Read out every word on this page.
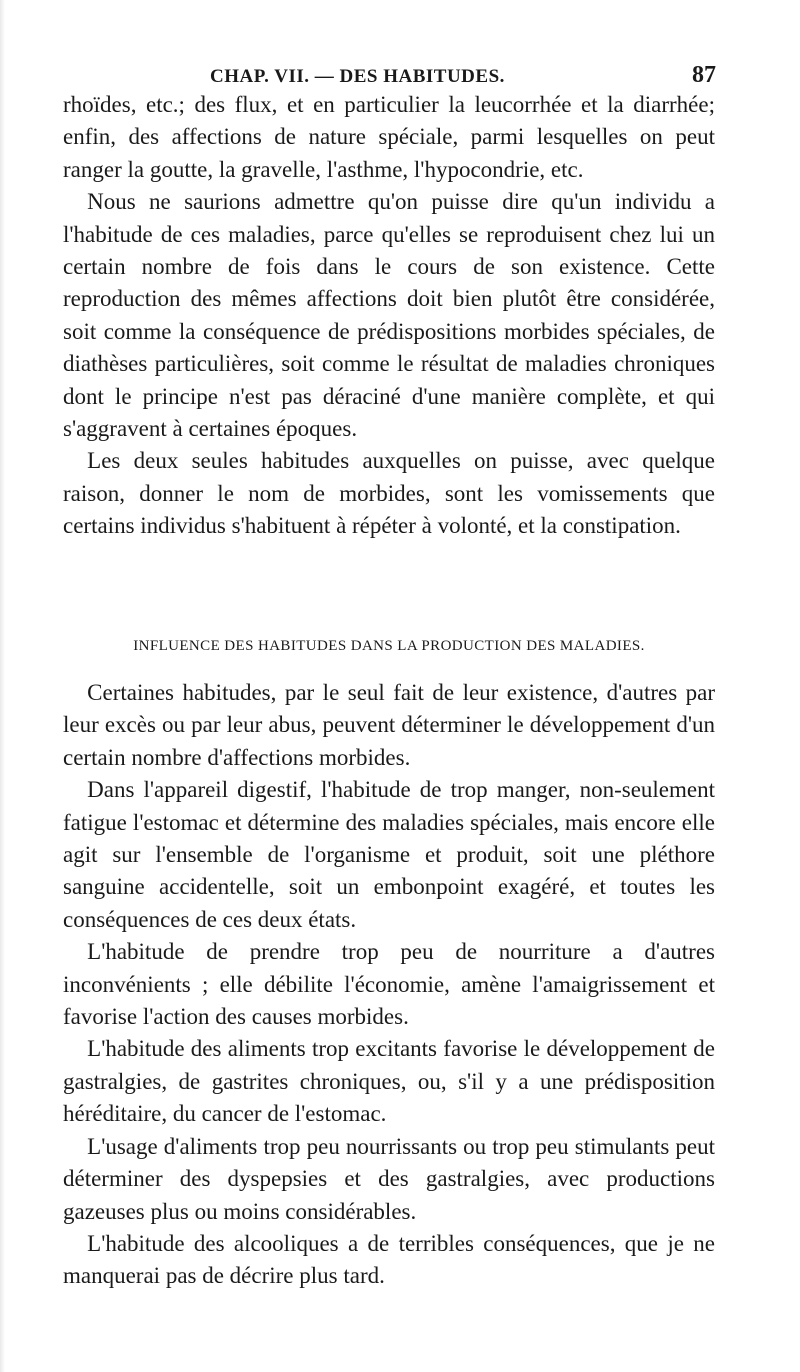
CHAP. VII. — DES HABITUDES.	87

rhoïdes, etc.; des flux, et en particulier la leucorrhée et la diarrhée; enfin, des affections de nature spéciale, parmi lesquelles on peut ranger la goutte, la gravelle, l'asthme, l'hypocondrie, etc.

Nous ne saurions admettre qu'on puisse dire qu'un individu a l'habitude de ces maladies, parce qu'elles se reproduisent chez lui un certain nombre de fois dans le cours de son existence. Cette reproduction des mêmes affections doit bien plutôt être considérée, soit comme la conséquence de prédispositions morbides spéciales, de diathèses particulières, soit comme le résultat de maladies chroniques dont le principe n'est pas déraciné d'une manière complète, et qui s'aggravent à certaines époques.

Les deux seules habitudes auxquelles on puisse, avec quelque raison, donner le nom de morbides, sont les vomissements que certains individus s'habituent à répéter à volonté, et la constipation.

INFLUENCE DES HABITUDES DANS LA PRODUCTION DES MALADIES.

Certaines habitudes, par le seul fait de leur existence, d'autres par leur excès ou par leur abus, peuvent déterminer le développement d'un certain nombre d'affections morbides.

Dans l'appareil digestif, l'habitude de trop manger, non-seulement fatigue l'estomac et détermine des maladies spéciales, mais encore elle agit sur l'ensemble de l'organisme et produit, soit une pléthore sanguine accidentelle, soit un embonpoint exagéré, et toutes les conséquences de ces deux états.

L'habitude de prendre trop peu de nourriture a d'autres inconvénients ; elle débilite l'économie, amène l'amaigrissement et favorise l'action des causes morbides.

L'habitude des aliments trop excitants favorise le développement de gastralgies, de gastrites chroniques, ou, s'il y a une prédisposition héréditaire, du cancer de l'estomac.

L'usage d'aliments trop peu nourrissants ou trop peu stimulants peut déterminer des dyspepsies et des gastralgies, avec productions gazeuses plus ou moins considérables.

L'habitude des alcooliques a de terribles conséquences, que je ne manquerai pas de décrire plus tard.
